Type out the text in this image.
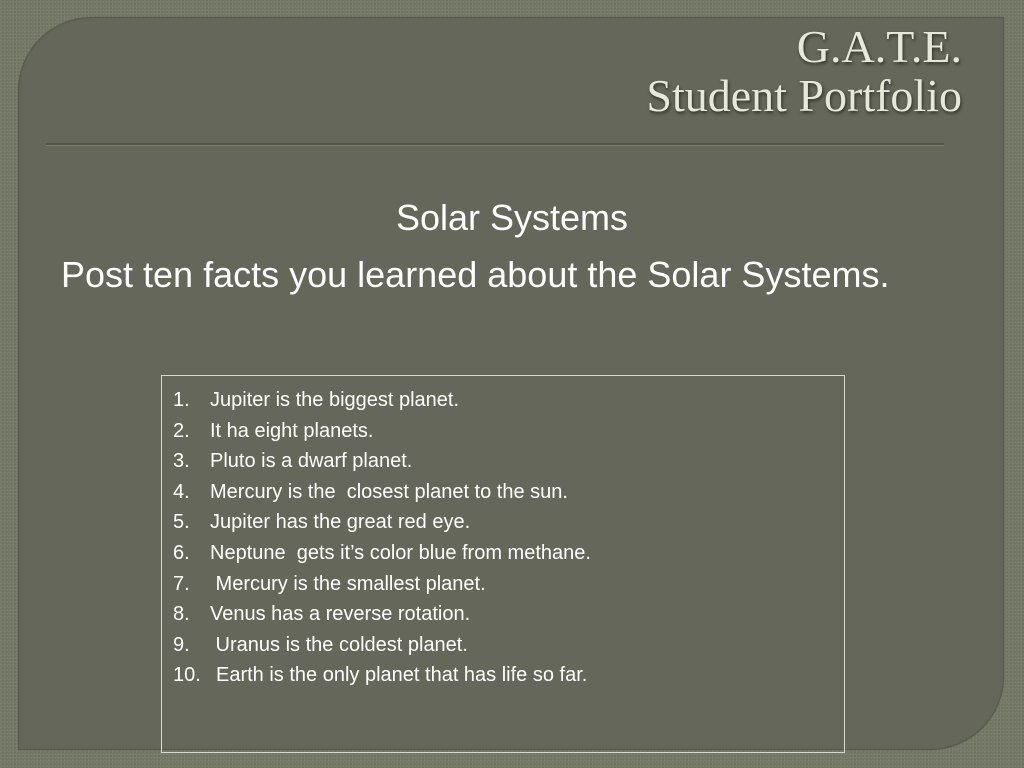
G.A.T.E.
Student Portfolio
Solar Systems
Post ten facts you learned about the Solar Systems.
1.	Jupiter is the biggest planet.
2.	It ha eight planets.
3.	Pluto is a dwarf planet.
4.	Mercury is the  closest planet to the sun.
5.	Jupiter has the great red eye.
6.	Neptune  gets it’s color blue from methane.
7.	Mercury is the smallest planet.
8.	Venus has a reverse rotation.
9.	Uranus is the coldest planet.
10. Earth is the only planet that has life so far.
